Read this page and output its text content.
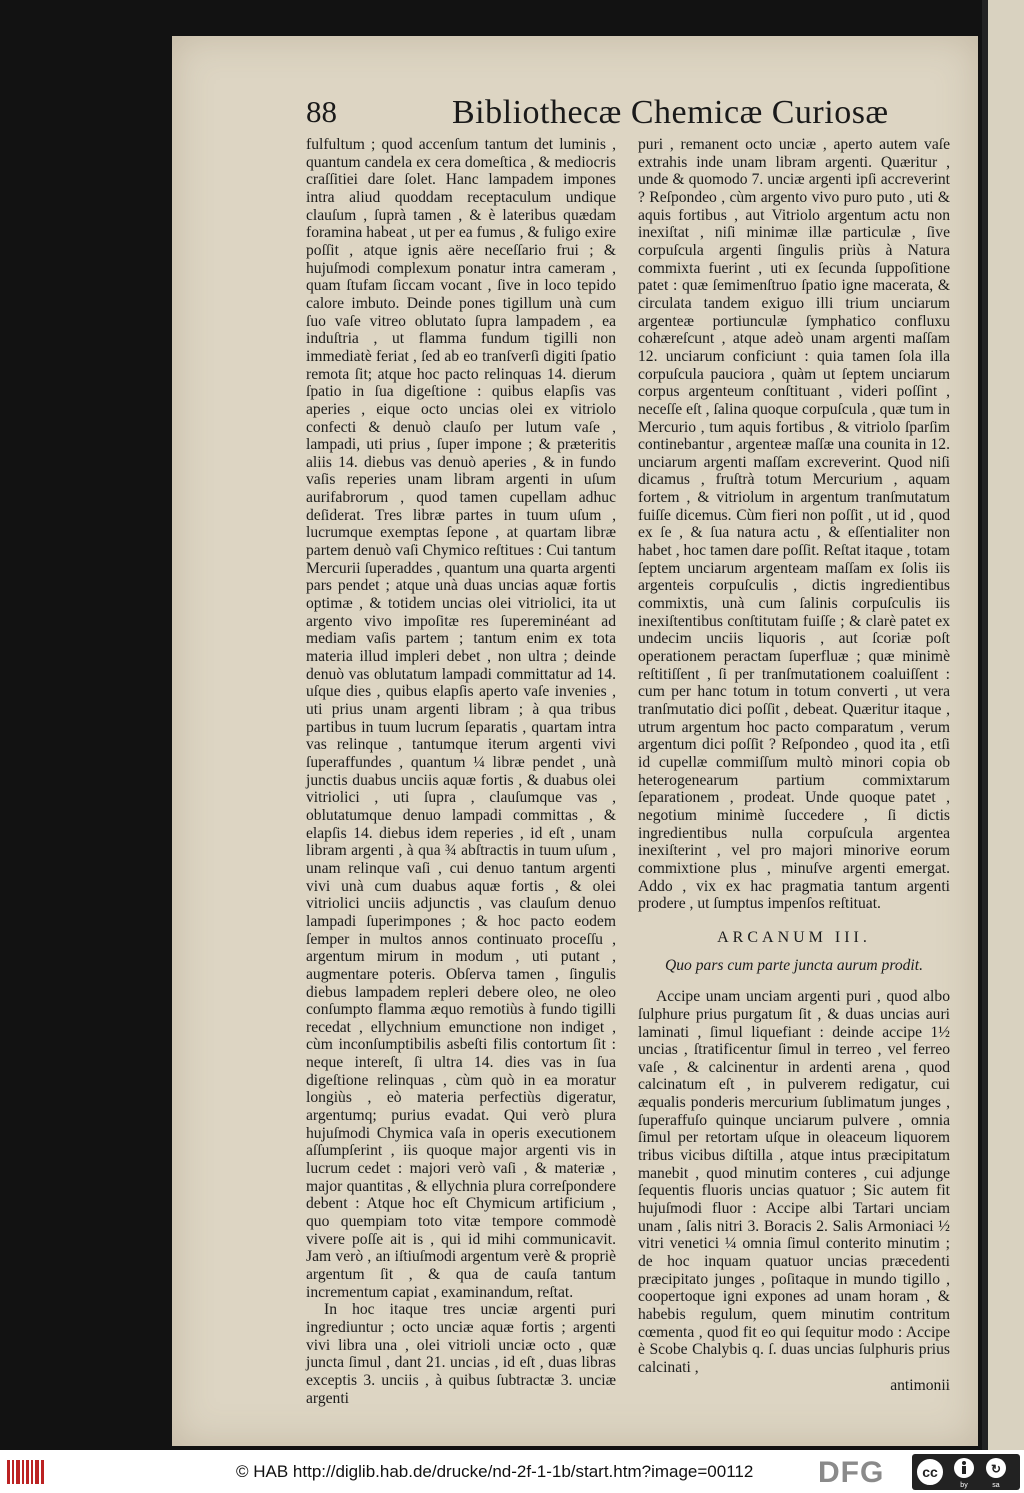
88	Bibliothecæ Chemicæ Curiosæ

fulfultum ; quod accenſum tantum det luminis , quantum candela ex cera domeſtica , & mediocris craſſitiei dare ſolet. Hanc lampadem impones intra aliud quoddam receptaculum undique clauſum , ſuprà tamen , & è lateribus quædam foramina habeat , ut per ea fumus , & fuligo exire poſſit , atque ignis aëre neceſſario frui ; & hujuſmodi complexum ponatur intra cameram , quam ſtufam ſiccam vocant , ſive in loco tepido calore imbuto. Deinde pones tigillum unà cum ſuo vaſe vitreo oblutato ſupra lampadem , ea induſtria , ut flamma fundum tigilli non immediatè feriat , ſed ab eo tranſverſi digiti ſpatio remota ſit; atque hoc pacto relinquas 14. dierum ſpatio in ſua digeſtione : quibus elapſis vas aperies , eique octo uncias olei ex vitriolo confecti & denuò clauſo per lutum vaſe , lampadi, uti prius , ſuper impone ; & præteritis aliis 14. diebus vas denuò aperies , & in fundo vaſis reperies unam libram argenti in uſum aurifabrorum , quod tamen cupellam adhuc deſiderat. Tres libræ partes in tuum uſum , lucrumque exemptas ſepone , at quartam libræ partem denuò vaſi Chymico reſtitues : Cui tantum Mercurii ſuperaddes , quantum una quarta argenti pars pendet ; atque unà duas uncias aquæ fortis optimæ , & totidem uncias olei vitriolici, ita ut argento vivo impoſitæ res ſupereminéant ad mediam vaſis partem ; tantum enim ex tota materia illud impleri debet , non ultra ; deinde denuò vas oblutatum lampadi committatur ad 14. uſque dies , quibus elapſis aperto vaſe invenies , uti prius unam argenti libram ; à qua tribus partibus in tuum lucrum ſeparatis , quartam intra vas relinque , tantumque iterum argenti vivi ſuperaffundes , quantum ¼ libræ pendet , unà junctis duabus unciis aquæ fortis , & duabus olei vitriolici , uti ſupra , clauſumque vas , oblutatumque denuo lampadi committas , & elapſis 14. diebus idem reperies , id eſt , unam libram argenti , à qua ¾ abſtractis in tuum uſum , unam relinque vaſi , cui denuo tantum argenti vivi unà cum duabus aquæ fortis , & olei vitriolici unciis adjunctis , vas clauſum denuo lampadi ſuperimpones ; & hoc pacto eodem ſemper in multos annos continuato proceſſu , argentum mirum in modum , uti putant , augmentare poteris. Obſerva tamen , ſingulis diebus lampadem repleri debere oleo, ne oleo conſumpto flamma æquo remotiùs à fundo tigilli recedat , ellychnium emunctione non indiget , cùm inconſumptibilis asbeſti filis contortum ſit : neque intereſt, ſi ultra 14. dies vas in ſua digeſtione relinquas , cùm quò in ea moratur longiùs , eò materia perfectiùs digeratur, argentumq; purius evadat. Qui verò plura hujuſmodi Chymica vaſa in operis executionem aſſumpſerint , iis quoque major argenti vis in lucrum cedet : majori verò vaſi , & materiæ , major quantitas , & ellychnia plura correſpondere debent : Atque hoc eſt Chymicum artificium , quo quempiam toto vitæ tempore commodè vivere poſſe ait is , qui id mihi communicavit. Jam verò , an iſtiuſmodi argentum verè & propriè argentum ſit , & qua de cauſa tantum incrementum capiat , examinandum, reſtat.

In hoc itaque tres unciæ argenti puri ingrediuntur ; octo unciæ aquæ fortis ; argenti vivi libra una , olei vitrioli unciæ octo , quæ juncta ſimul , dant 21. uncias , id eſt , duas libras exceptis 3. unciis , à quibus ſubtractæ 3. unciæ argenti

puri , remanent octo unciæ , aperto autem vaſe extrahis inde unam libram argenti. Quæritur , unde & quomodo 7. unciæ argenti ipſi accreverint ? Reſpondeo , cùm argento vivo puro puto , uti & aquis fortibus , aut Vitriolo argentum actu non inexiſtat , niſi minimæ illæ particulæ , ſive corpuſcula argenti ſingulis priùs à Natura commixta fuerint , uti ex ſecunda ſuppoſitione patet : quæ ſemimenſtruo ſpatio igne macerata, & circulata tandem exiguo illi trium unciarum argenteæ portiunculæ ſymphatico confluxu cohæreſcunt , atque adeò unam argenti maſſam 12. unciarum conficiunt : quia tamen ſola illa corpuſcula pauciora , quàm ut ſeptem unciarum corpus argenteum conſtituant , videri poſſint , neceſſe eſt , ſalina quoque corpuſcula , quæ tum in Mercurio , tum aquis fortibus , & vitriolo ſparſim continebantur , argenteæ maſſæ una counita in 12. unciarum argenti maſſam excreverint. Quod niſi dicamus , fruſtrà totum Mercurium , aquam fortem , & vitriolum in argentum tranſmutatum fuiſſe dicemus. Cùm fieri non poſſit , ut id , quod ex ſe , & ſua natura actu , & eſſentialiter non habet , hoc tamen dare poſſit. Reſtat itaque , totam ſeptem unciarum argenteam maſſam ex ſolis iis argenteis corpuſculis , dictis ingredientibus commixtis, unà cum ſalinis corpuſculis iis inexiſtentibus conſtitutam fuiſſe ; & clarè patet ex undecim unciis liquoris , aut ſcoriæ poſt operationem peractam ſuperfluæ ; quæ minimè reſtitiſſent , ſi per tranſmutationem coaluiſſent : cum per hanc totum in totum converti , ut vera tranſmutatio dici poſſit , debeat. Quæritur itaque , utrum argentum hoc pacto comparatum , verum argentum dici poſſit ? Reſpondeo , quod ita , etſi id cupellæ commiſſum multò minori copia ob heterogenearum partium commixtarum ſeparationem , prodeat. Unde quoque patet , negotium minimè ſuccedere , ſi dictis ingredientibus nulla corpuſcula argentea inexiſterint , vel pro majori minorive eorum commixtione plus , minuſve argenti emergat. Addo , vix ex hac pragmatia tantum argenti prodere , ut ſumptus impenſos reſtituat.

ARCANUM III.
Quo pars cum parte juncta aurum prodit.

Accipe unam unciam argenti puri , quod albo ſulphure prius purgatum ſit , & duas uncias auri laminati , ſimul liquefiant : deinde accipe 1½ uncias , ſtratificentur ſimul in terreo , vel ferreo vaſe , & calcinentur in ardenti arena , quod calcinatum eſt , in pulverem redigatur, cui æqualis ponderis mercurium ſublimatum junges , ſuperaffuſo quinque unciarum pulvere , omnia ſimul per retortam uſque in oleaceum liquorem tribus vicibus diſtilla , atque intus præcipitatum manebit , quod minutim conteres , cui adjunge ſequentis fluoris uncias quatuor ; Sic autem fit hujuſmodi fluor : Accipe albi Tartari unciam unam , ſalis nitri 3. Boracis 2. Salis Armoniaci ½ vitri venetici ¼ omnia ſimul conterito minutim ; de hoc inquam quatuor uncias præcedenti præcipitato junges , poſitaque in mundo tigillo , coopertoque igni expones ad unam horam , & habebis regulum, quem minutim contritum cœmenta , quod fit eo qui ſequitur modo : Accipe è Scobe Chalybis q. ſ. duas uncias ſulphuris prius calcinati ,

antimonii

© HAB http://diglib.hab.de/drucke/nd-2f-1-1b/start.htm?image=00112 DFG	cc	↻
by	sa
